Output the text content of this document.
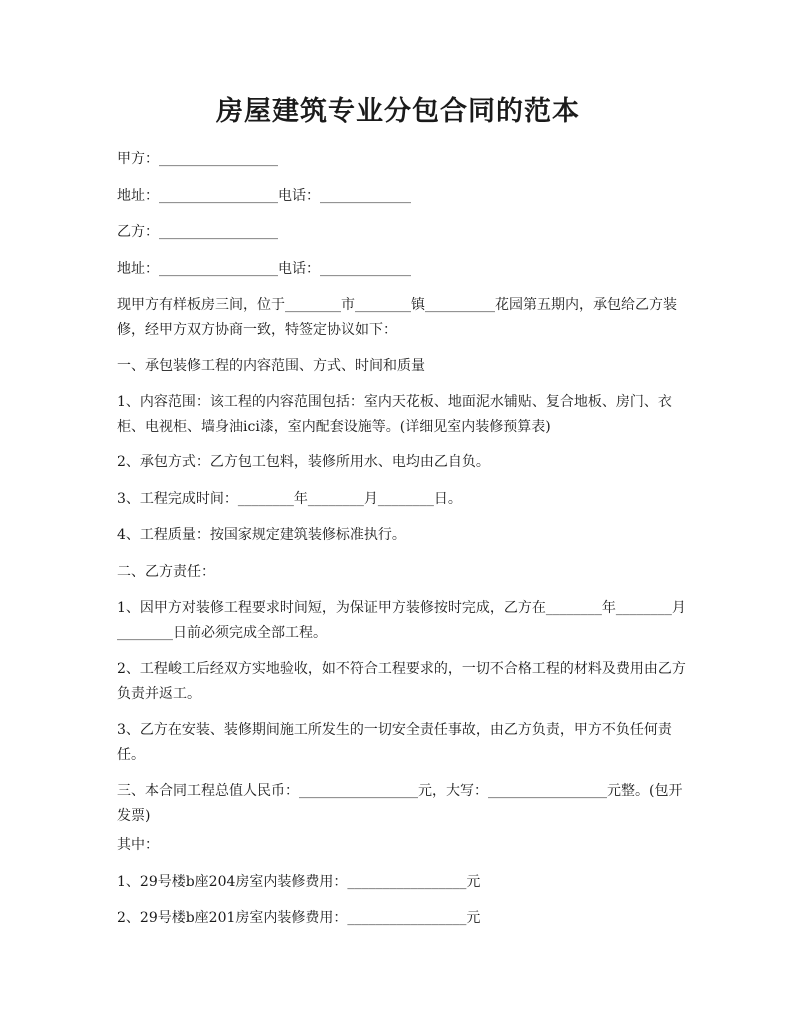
房屋建筑专业分包合同的范本
甲方：_________________
地址：_________________电话：_____________
乙方：_________________
地址：_________________电话：_____________
现甲方有样板房三间，位于________市________镇__________花园第五期内，承包给乙方装修，经甲方双方协商一致，特签定协议如下：
一、承包装修工程的内容范围、方式、时间和质量
1、内容范围：该工程的内容范围包括：室内天花板、地面泥水铺贴、复合地板、房门、衣柜、电视柜、墙身油ici漆，室内配套设施等。(详细见室内装修预算表)
2、承包方式：乙方包工包料，装修所用水、电均由乙自负。
3、工程完成时间：________年________月________日。
4、工程质量：按国家规定建筑装修标准执行。
二、乙方责任：
1、因甲方对装修工程要求时间短，为保证甲方装修按时完成，乙方在________年________月________日前必须完成全部工程。
2、工程峻工后经双方实地验收，如不符合工程要求的，一切不合格工程的材料及费用由乙方负责并返工。
3、乙方在安装、装修期间施工所发生的一切安全责任事故，由乙方负责，甲方不负任何责任。
三、本合同工程总值人民币：_________________元，大写：_________________元整。(包开发票)
其中：
1、29号楼b座204房室内装修费用：_________________元
2、29号楼b座201房室内装修费用：_________________元
